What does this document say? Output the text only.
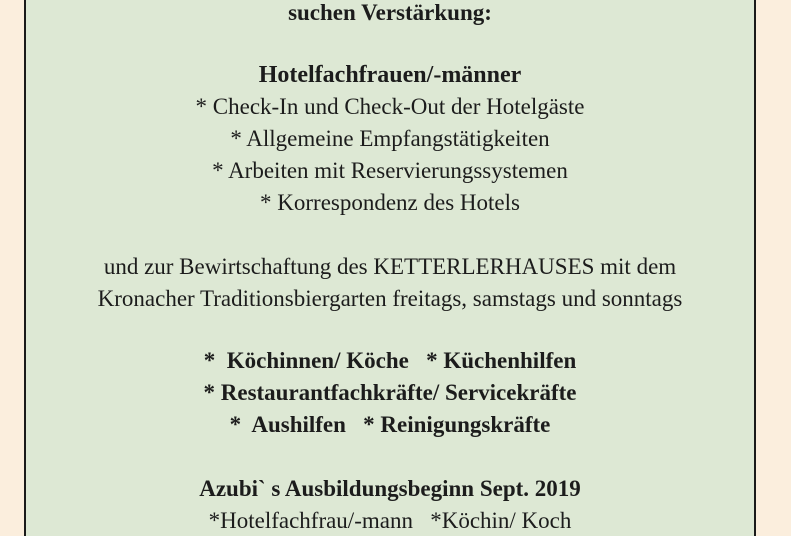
suchen Verstärkung:
Hotelfachfrauen/-männer
* Check-In und Check-Out der Hotelgäste
* Allgemeine Empfangstätigkeiten
* Arbeiten mit Reservierungssystemen
* Korrespondenz des Hotels
und zur Bewirtschaftung des KETTERLERHAUSES mit dem
Kronacher Traditionsbiergarten freitags, samstags und sonntags
*  Köchinnen/ Köche   * Küchenhilfen
* Restaurantfachkräfte/ Servicekräfte
*  Aushilfen   * Reinigungskräfte
Azubi` s Ausbildungsbeginn Sept. 2019
*Hotelfachfrau/-mann   *Köchin/ Koch
